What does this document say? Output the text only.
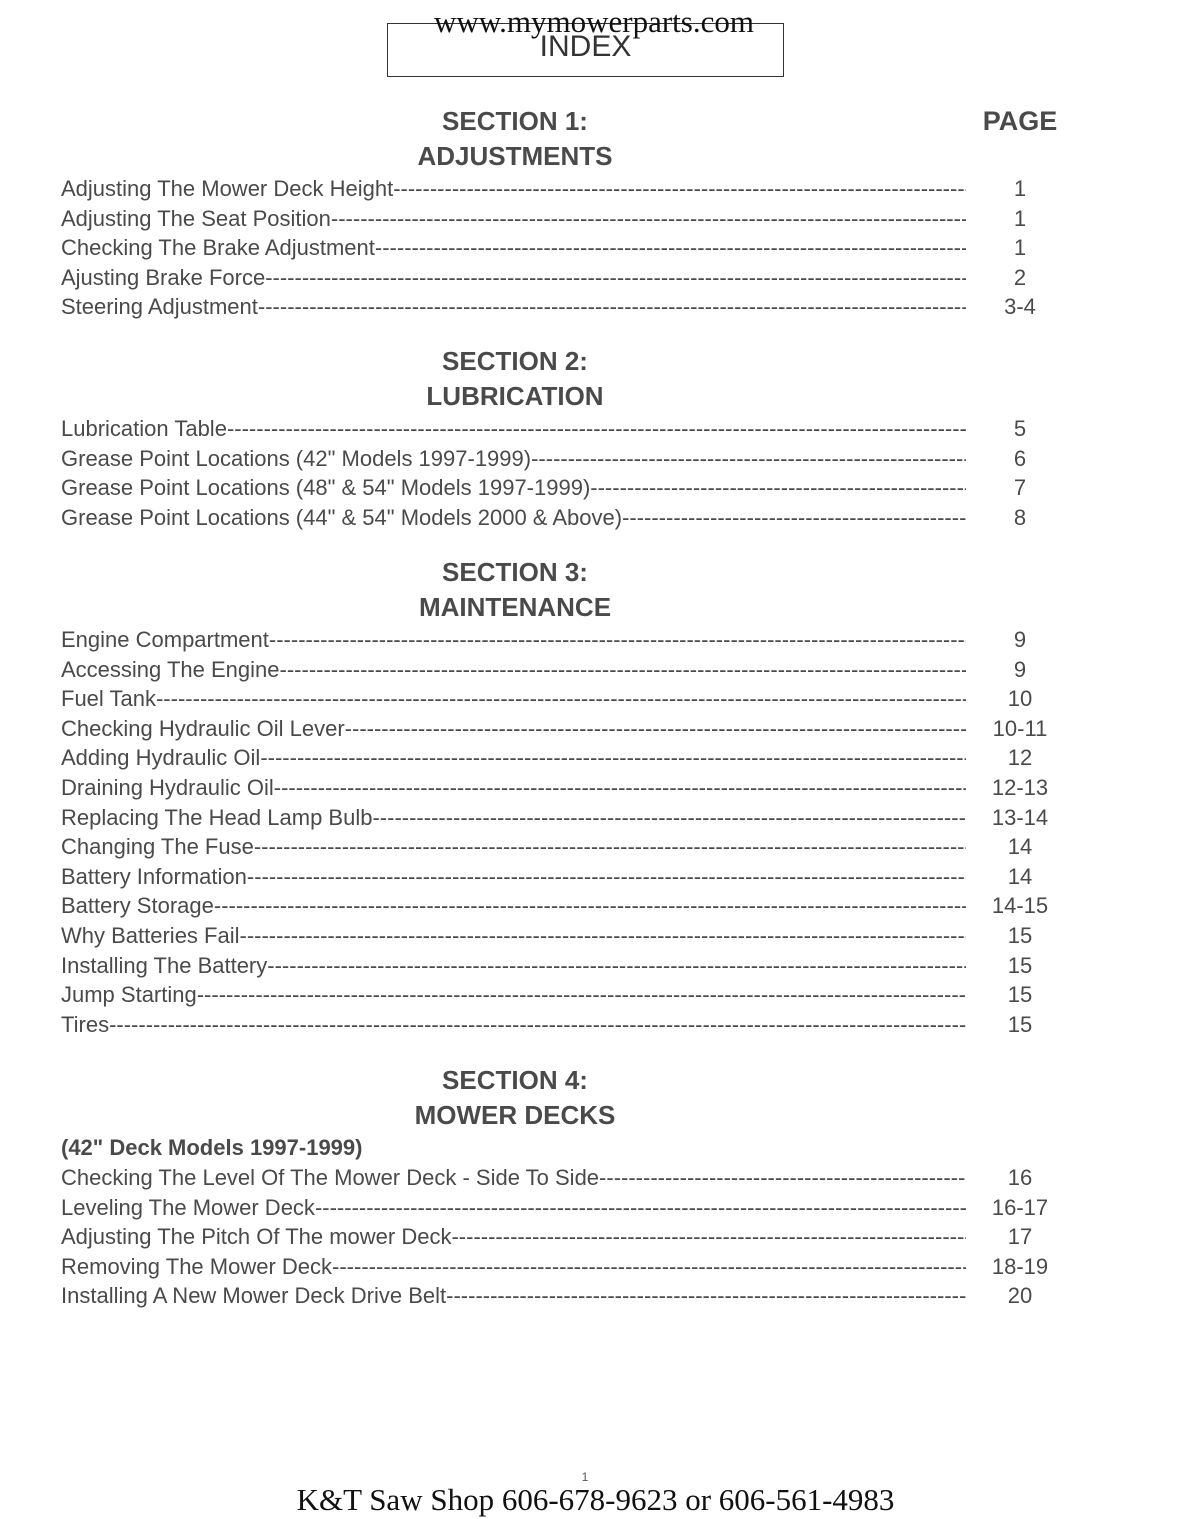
INDEX
www.mymowerparts.com
PAGE
SECTION 1:
ADJUSTMENTS
Adjusting The Mower Deck Height -----	1
Adjusting The Seat Position -----	1
Checking The Brake Adjustment -----	1
Ajusting Brake Force -----	2
Steering Adjustment -----	3-4
SECTION 2:
LUBRICATION
Lubrication Table -----	5
Grease Point Locations (42" Models 1997-1999) -----	6
Grease Point Locations (48" & 54" Models 1997-1999) -----	7
Grease Point Locations (44" & 54" Models 2000 & Above) -----	8
SECTION 3:
MAINTENANCE
Engine Compartment -----	9
Accessing The Engine -----	9
Fuel Tank -----	10
Checking Hydraulic Oil Lever -----	10-11
Adding Hydraulic Oil -----	12
Draining Hydraulic Oil -----	12-13
Replacing The Head Lamp Bulb -----	13-14
Changing The Fuse -----	14
Battery Information -----	14
Battery Storage -----	14-15
Why Batteries Fail -----	15
Installing The Battery -----	15
Jump Starting -----	15
Tires -----	15
SECTION 4:
MOWER DECKS
(42" Deck Models 1997-1999)
Checking The Level Of The Mower Deck - Side To Side -----	16
Leveling The Mower Deck -----	16-17
Adjusting The Pitch Of The mower Deck -----	17
Removing The Mower Deck -----	18-19
Installing A New Mower Deck Drive Belt -----	20
1
K&T Saw Shop 606-678-9623 or 606-561-4983
